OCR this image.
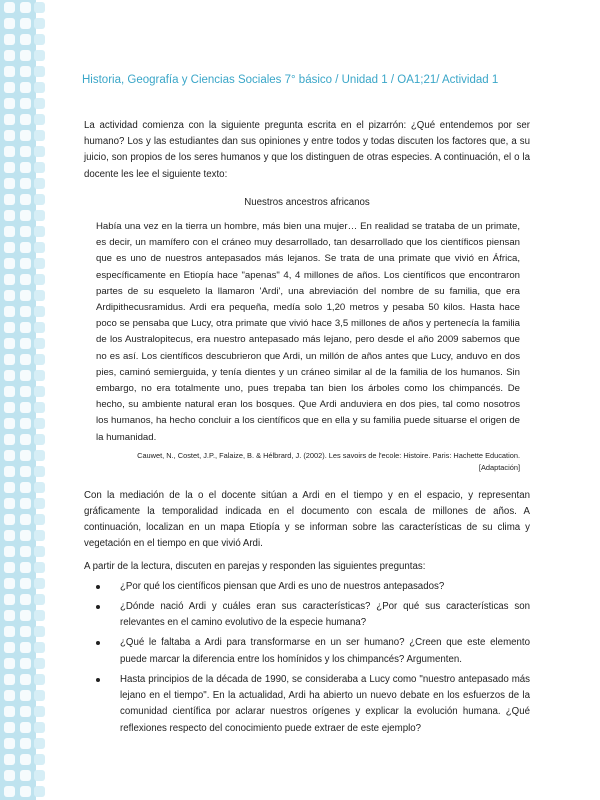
Historia, Geografía y Ciencias Sociales 7° básico / Unidad 1 / OA1;21/ Actividad 1

La actividad comienza con la siguiente pregunta escrita en el pizarrón: ¿Qué entendemos por ser humano? Los y las estudiantes dan sus opiniones y entre todos y todas discuten los factores que, a su juicio, son propios de los seres humanos y que los distinguen de otras especies. A continuación, el o la docente les lee el siguiente texto:

Nuestros ancestros africanos

Había una vez en la tierra un hombre, más bien una mujer… En realidad se trataba de un primate, es decir, un mamífero con el cráneo muy desarrollado, tan desarrollado que los científicos piensan que es uno de nuestros antepasados más lejanos. Se trata de una primate que vivió en África, específicamente en Etiopía hace "apenas" 4, 4 millones de años. Los científicos que encontraron partes de su esqueleto la llamaron 'Ardi', una abreviación del nombre de su familia, que era Ardipithecusramidus. Ardi era pequeña, medía solo 1,20 metros y pesaba 50 kilos. Hasta hace poco se pensaba que Lucy, otra primate que vivió hace 3,5 millones de años y pertenecía la familia de los Australopitecus, era nuestro antepasado más lejano, pero desde el año 2009 sabemos que no es así. Los científicos descubrieron que Ardi, un millón de años antes que Lucy, anduvo en dos pies, caminó semierguida, y tenía dientes y un cráneo similar al de la familia de los humanos. Sin embargo, no era totalmente uno, pues trepaba tan bien los árboles como los chimpancés. De hecho, su ambiente natural eran los bosques. Que Ardi anduviera en dos pies, tal como nosotros los humanos, ha hecho concluir a los científicos que en ella y su familia puede situarse el origen de la humanidad.

Cauwet, N., Costet, J.P., Falaize, B. & Hélbrard, J. (2002). Les savoirs de l'ecole: Histoire. Paris: Hachette Education.
[Adaptación]

Con la mediación de la o el docente sitúan a Ardi en el tiempo y en el espacio, y representan gráficamente la temporalidad indicada en el documento con escala de millones de años. A continuación, localizan en un mapa Etiopía y se informan sobre las características de su clima y vegetación en el tiempo en que vivió Ardi.

A partir de la lectura, discuten en parejas y responden las siguientes preguntas:

¿Por qué los científicos piensan que Ardi es uno de nuestros antepasados?
¿Dónde nació Ardi y cuáles eran sus características? ¿Por qué sus características son relevantes en el camino evolutivo de la especie humana?
¿Qué le faltaba a Ardi para transformarse en un ser humano? ¿Creen que este elemento puede marcar la diferencia entre los homínidos y los chimpancés? Argumenten.
Hasta principios de la década de 1990, se consideraba a Lucy como "nuestro antepasado más lejano en el tiempo". En la actualidad, Ardi ha abierto un nuevo debate en los esfuerzos de la comunidad científica por aclarar nuestros orígenes y explicar la evolución humana. ¿Qué reflexiones respecto del conocimiento puede extraer de este ejemplo?
